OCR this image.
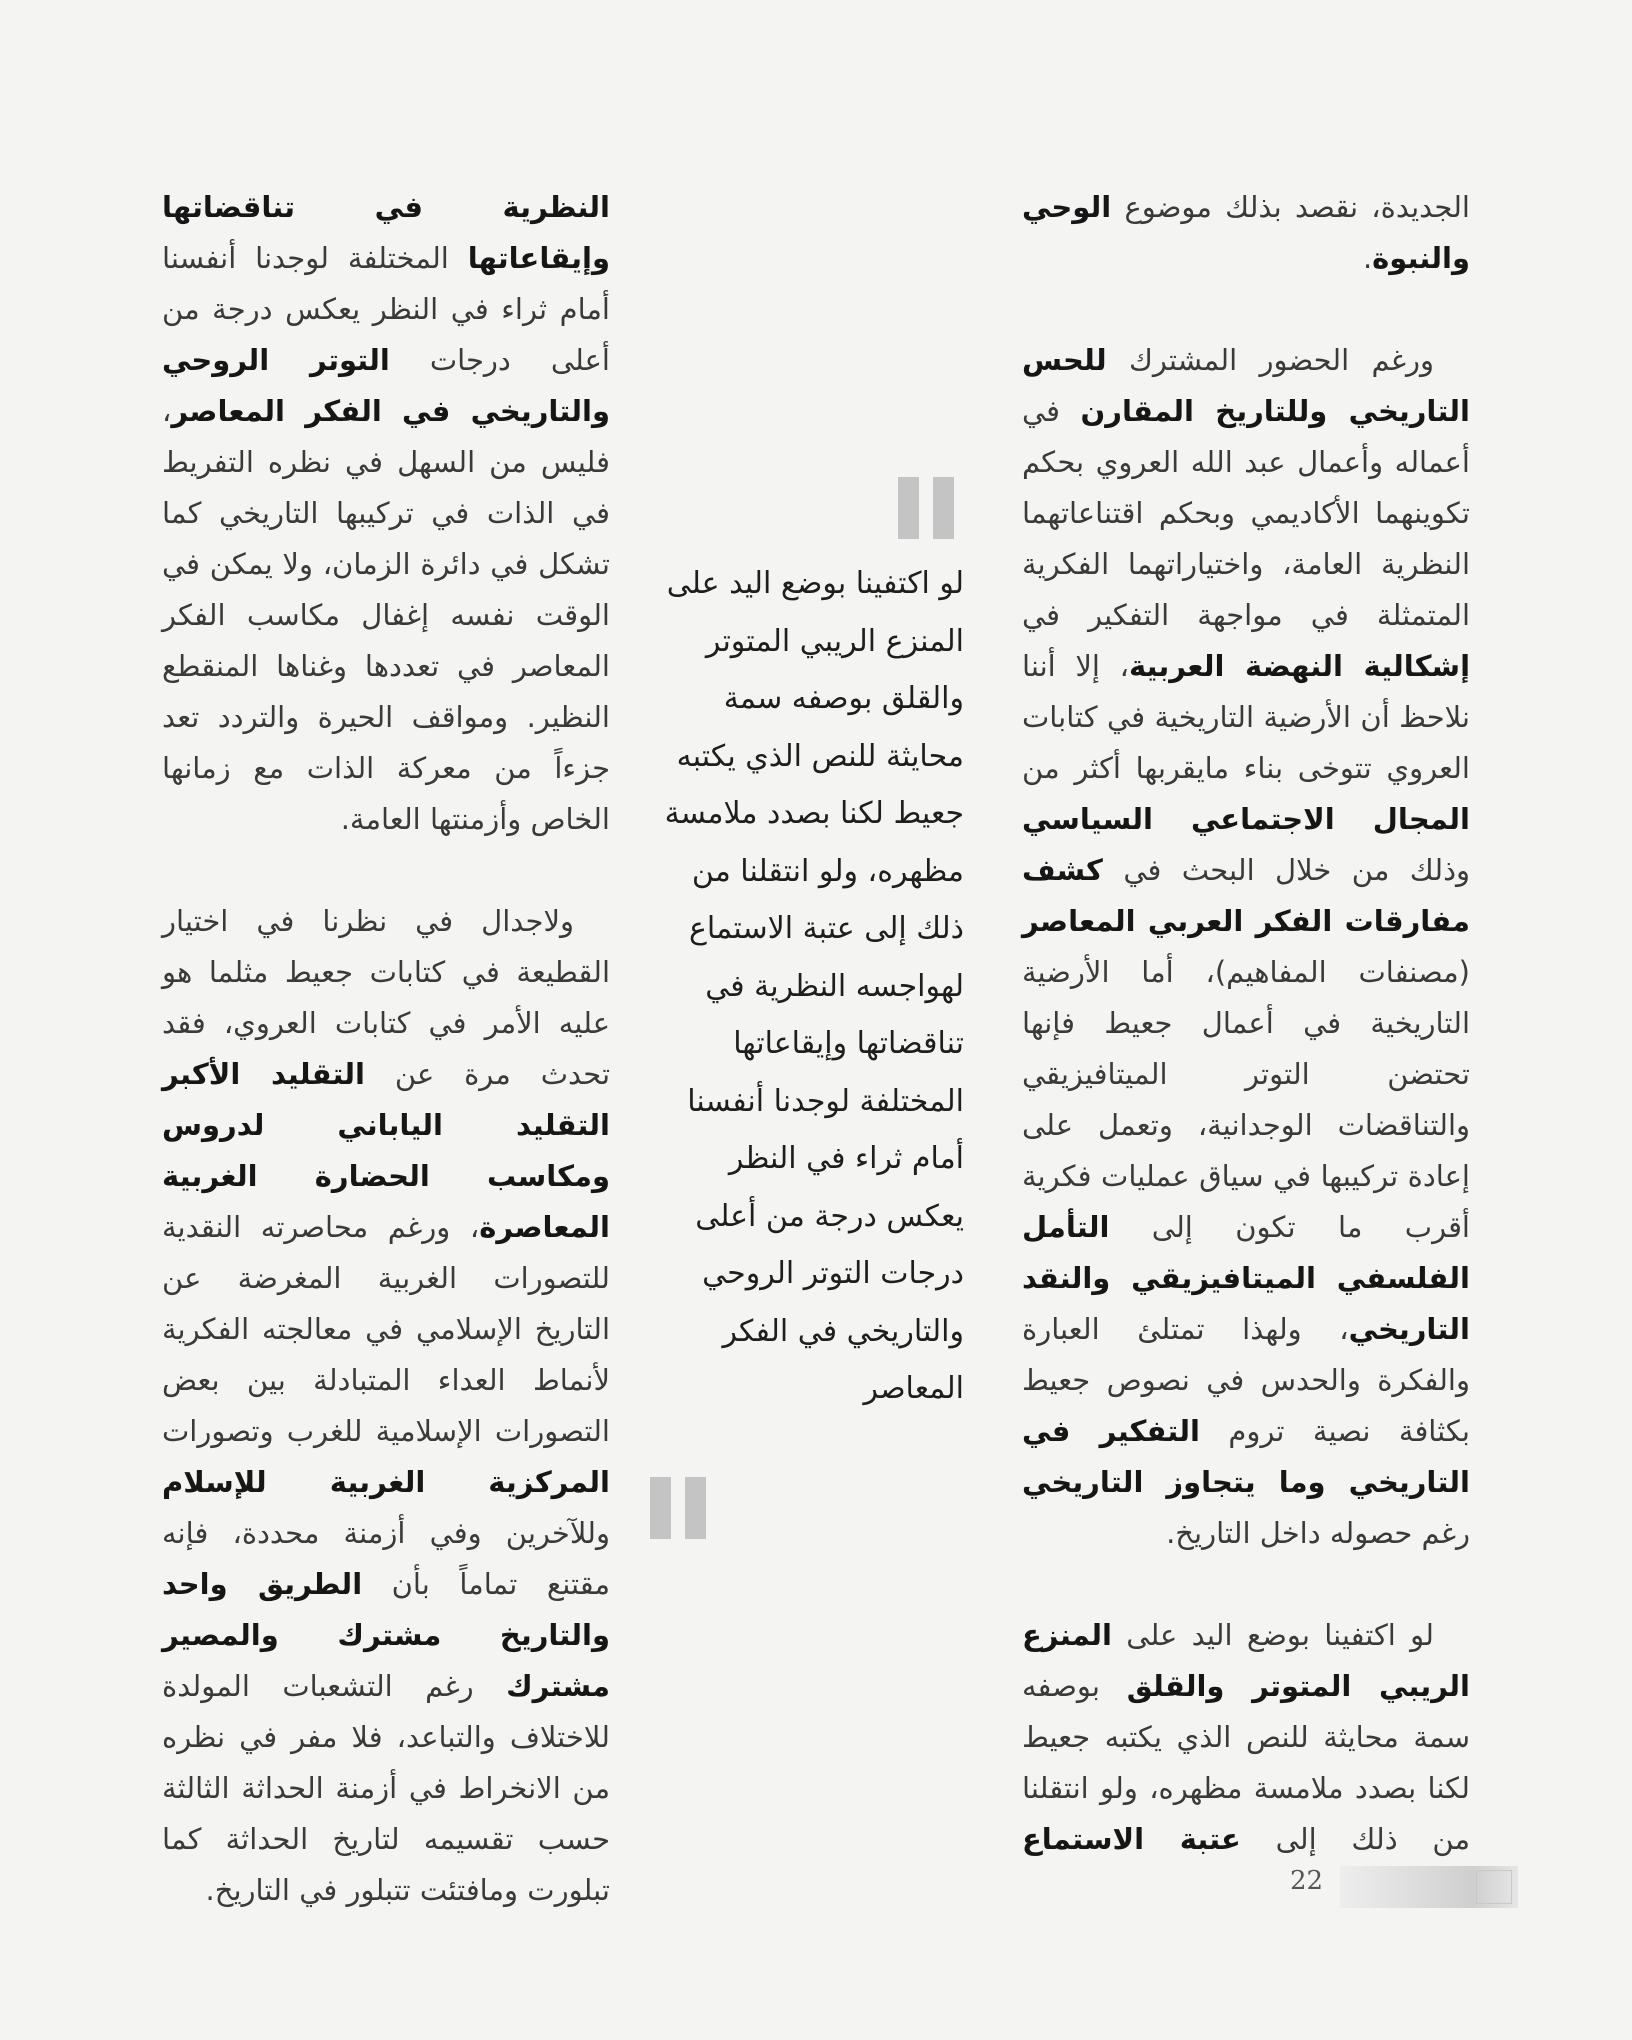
الجديدة، نقصد بذلك موضوع الوحي والنبوة.

ورغم الحضور المشترك للحس التاريخي وللتاريخ المقارن في أعماله وأعمال عبد الله العروي بحكم تكوينهما الأكاديمي وبحكم اقتناعاتهما النظرية العامة، واختياراتهما الفكرية المتمثلة في مواجهة التفكير في إشكالية النهضة العربية، إلا أننا نلاحظ أن الأرضية التاريخية في كتابات العروي تتوخى بناء مايقربها أكثر من المجال الاجتماعي السياسي وذلك من خلال البحث في كشف مفارقات الفكر العربي المعاصر (مصنفات المفاهيم)، أما الأرضية التاريخية في أعمال جعيط فإنها تحتضن التوتر الميتافيزيقي والتناقضات الوجدانية، وتعمل على إعادة تركيبها في سياق عمليات فكرية أقرب ما تكون إلى التأمل الفلسفي الميتافيزيقي والنقد التاريخي، ولهذا تمتلئ العبارة والفكرة والحدس في نصوص جعيط بكثافة نصية تروم التفكير في التاريخي وما يتجاوز التاريخي رغم حصوله داخل التاريخ.

لو اكتفينا بوضع اليد على المنزع الريبي المتوتر والقلق بوصفه سمة محايثة للنص الذي يكتبه جعيط لكنا بصدد ملامسة مظهره، ولو انتقلنا من ذلك إلى عتبة الاستماع

لو اكتفينا بوضع اليد على المنزع الريبي المتوتر والقلق بوصفه سمة محايثة للنص الذي يكتبه جعيط لكنا بصدد ملامسة مظهره، ولو انتقلنا من ذلك إلى عتبة الاستماع لهواجسه النظرية في تناقضاتها وإيقاعاتها المختلفة لوجدنا أنفسنا أمام ثراء في النظر يعكس درجة من أعلى درجات التوتر الروحي والتاريخي في الفكر المعاصر

النظرية في تناقضاتها وإيقاعاتها المختلفة لوجدنا أنفسنا أمام ثراء في النظر يعكس درجة من أعلى درجات التوتر الروحي والتاريخي في الفكر المعاصر، فليس من السهل في نظره التفريط في الذات في تركيبها التاريخي كما تشكل في دائرة الزمان، ولا يمكن في الوقت نفسه إغفال مكاسب الفكر المعاصر في تعددها وغناها المنقطع النظير. ومواقف الحيرة والتردد تعد جزءاً من معركة الذات مع زمانها الخاص وأزمنتها العامة.

ولاجدال في نظرنا في اختيار القطيعة في كتابات جعيط مثلما هو عليه الأمر في كتابات العروي، فقد تحدث مرة عن التقليد الأكبر التقليد الياباني لدروس ومكاسب الحضارة الغربية المعاصرة، ورغم محاصرته النقدية للتصورات الغربية المغرضة عن التاريخ الإسلامي في معالجته الفكرية لأنماط العداء المتبادلة بين بعض التصورات الإسلامية للغرب وتصورات المركزية الغربية للإسلام وللآخرين وفي أزمنة محددة، فإنه مقتنع تماماً بأن الطريق واحد والتاريخ مشترك والمصير مشترك رغم التشعبات المولدة للاختلاف والتباعد، فلا مفر في نظره من الانخراط في أزمنة الحداثة الثالثة حسب تقسيمه لتاريخ الحداثة كما تبلورت ومافتئت تتبلور في التاريخ.	22
